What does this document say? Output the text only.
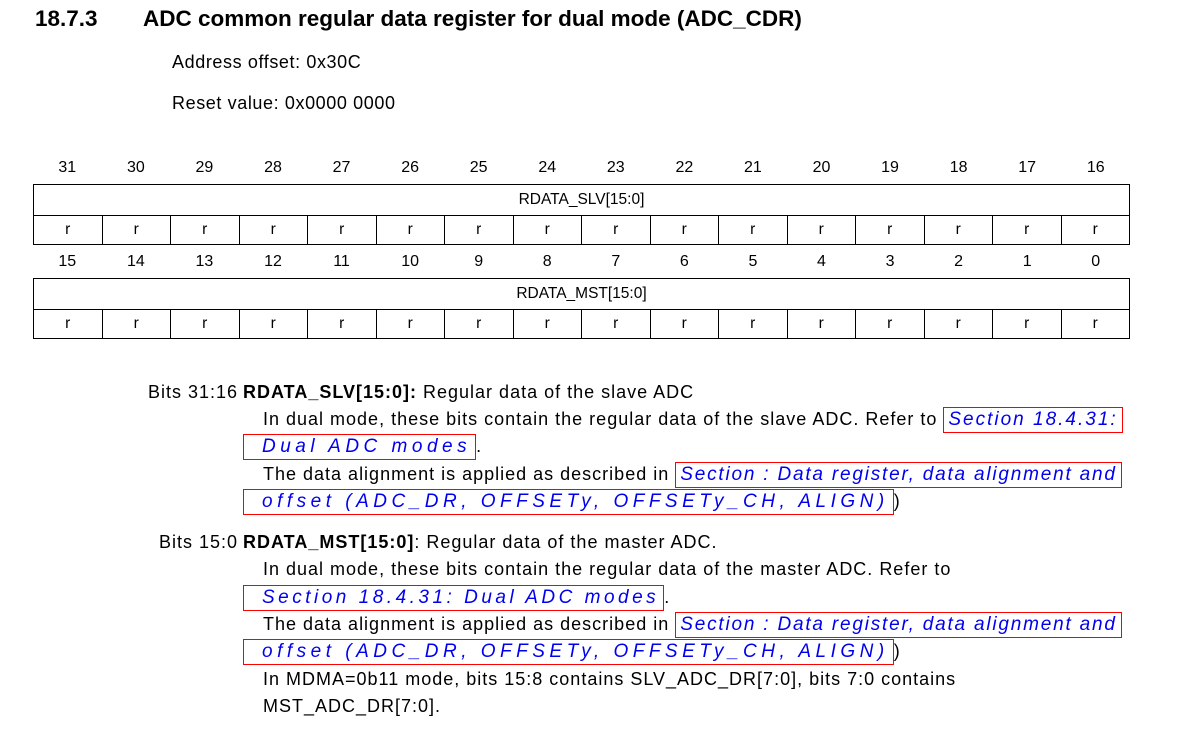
18.7.3	ADC common regular data register for dual mode (ADC_CDR)
Address offset: 0x30C
Reset value: 0x0000 0000
31	30	29	28	27	26	25	24	23	22	21	20	19	18	17	16
RDATA_SLV[15:0]
r	r	r	r	r	r	r	r	r	r	r	r	r	r	r	r
15	14	13	12	11	10	9	8	7	6	5	4	3	2	1	0
RDATA_MST[15:0]
r	r	r	r	r	r	r	r	r	r	r	r	r	r	r	r
Bits 31:16 RDATA_SLV[15:0]: Regular data of the slave ADC
In dual mode, these bits contain the regular data of the slave ADC. Refer to Section 18.4.31:
Dual ADC modes .
The data alignment is applied as described in Section : Data register, data alignment and
offset (ADC_DR, OFFSETy, OFFSETy_CH, ALIGN) )
Bits 15:0 RDATA_MST[15:0]: Regular data of the master ADC.
In dual mode, these bits contain the regular data of the master ADC. Refer to
Section 18.4.31: Dual ADC modes .
The data alignment is applied as described in Section : Data register, data alignment and
offset (ADC_DR, OFFSETy, OFFSETy_CH, ALIGN) )
In MDMA=0b11 mode, bits 15:8 contains SLV_ADC_DR[7:0], bits 7:0 contains
MST_ADC_DR[7:0].
